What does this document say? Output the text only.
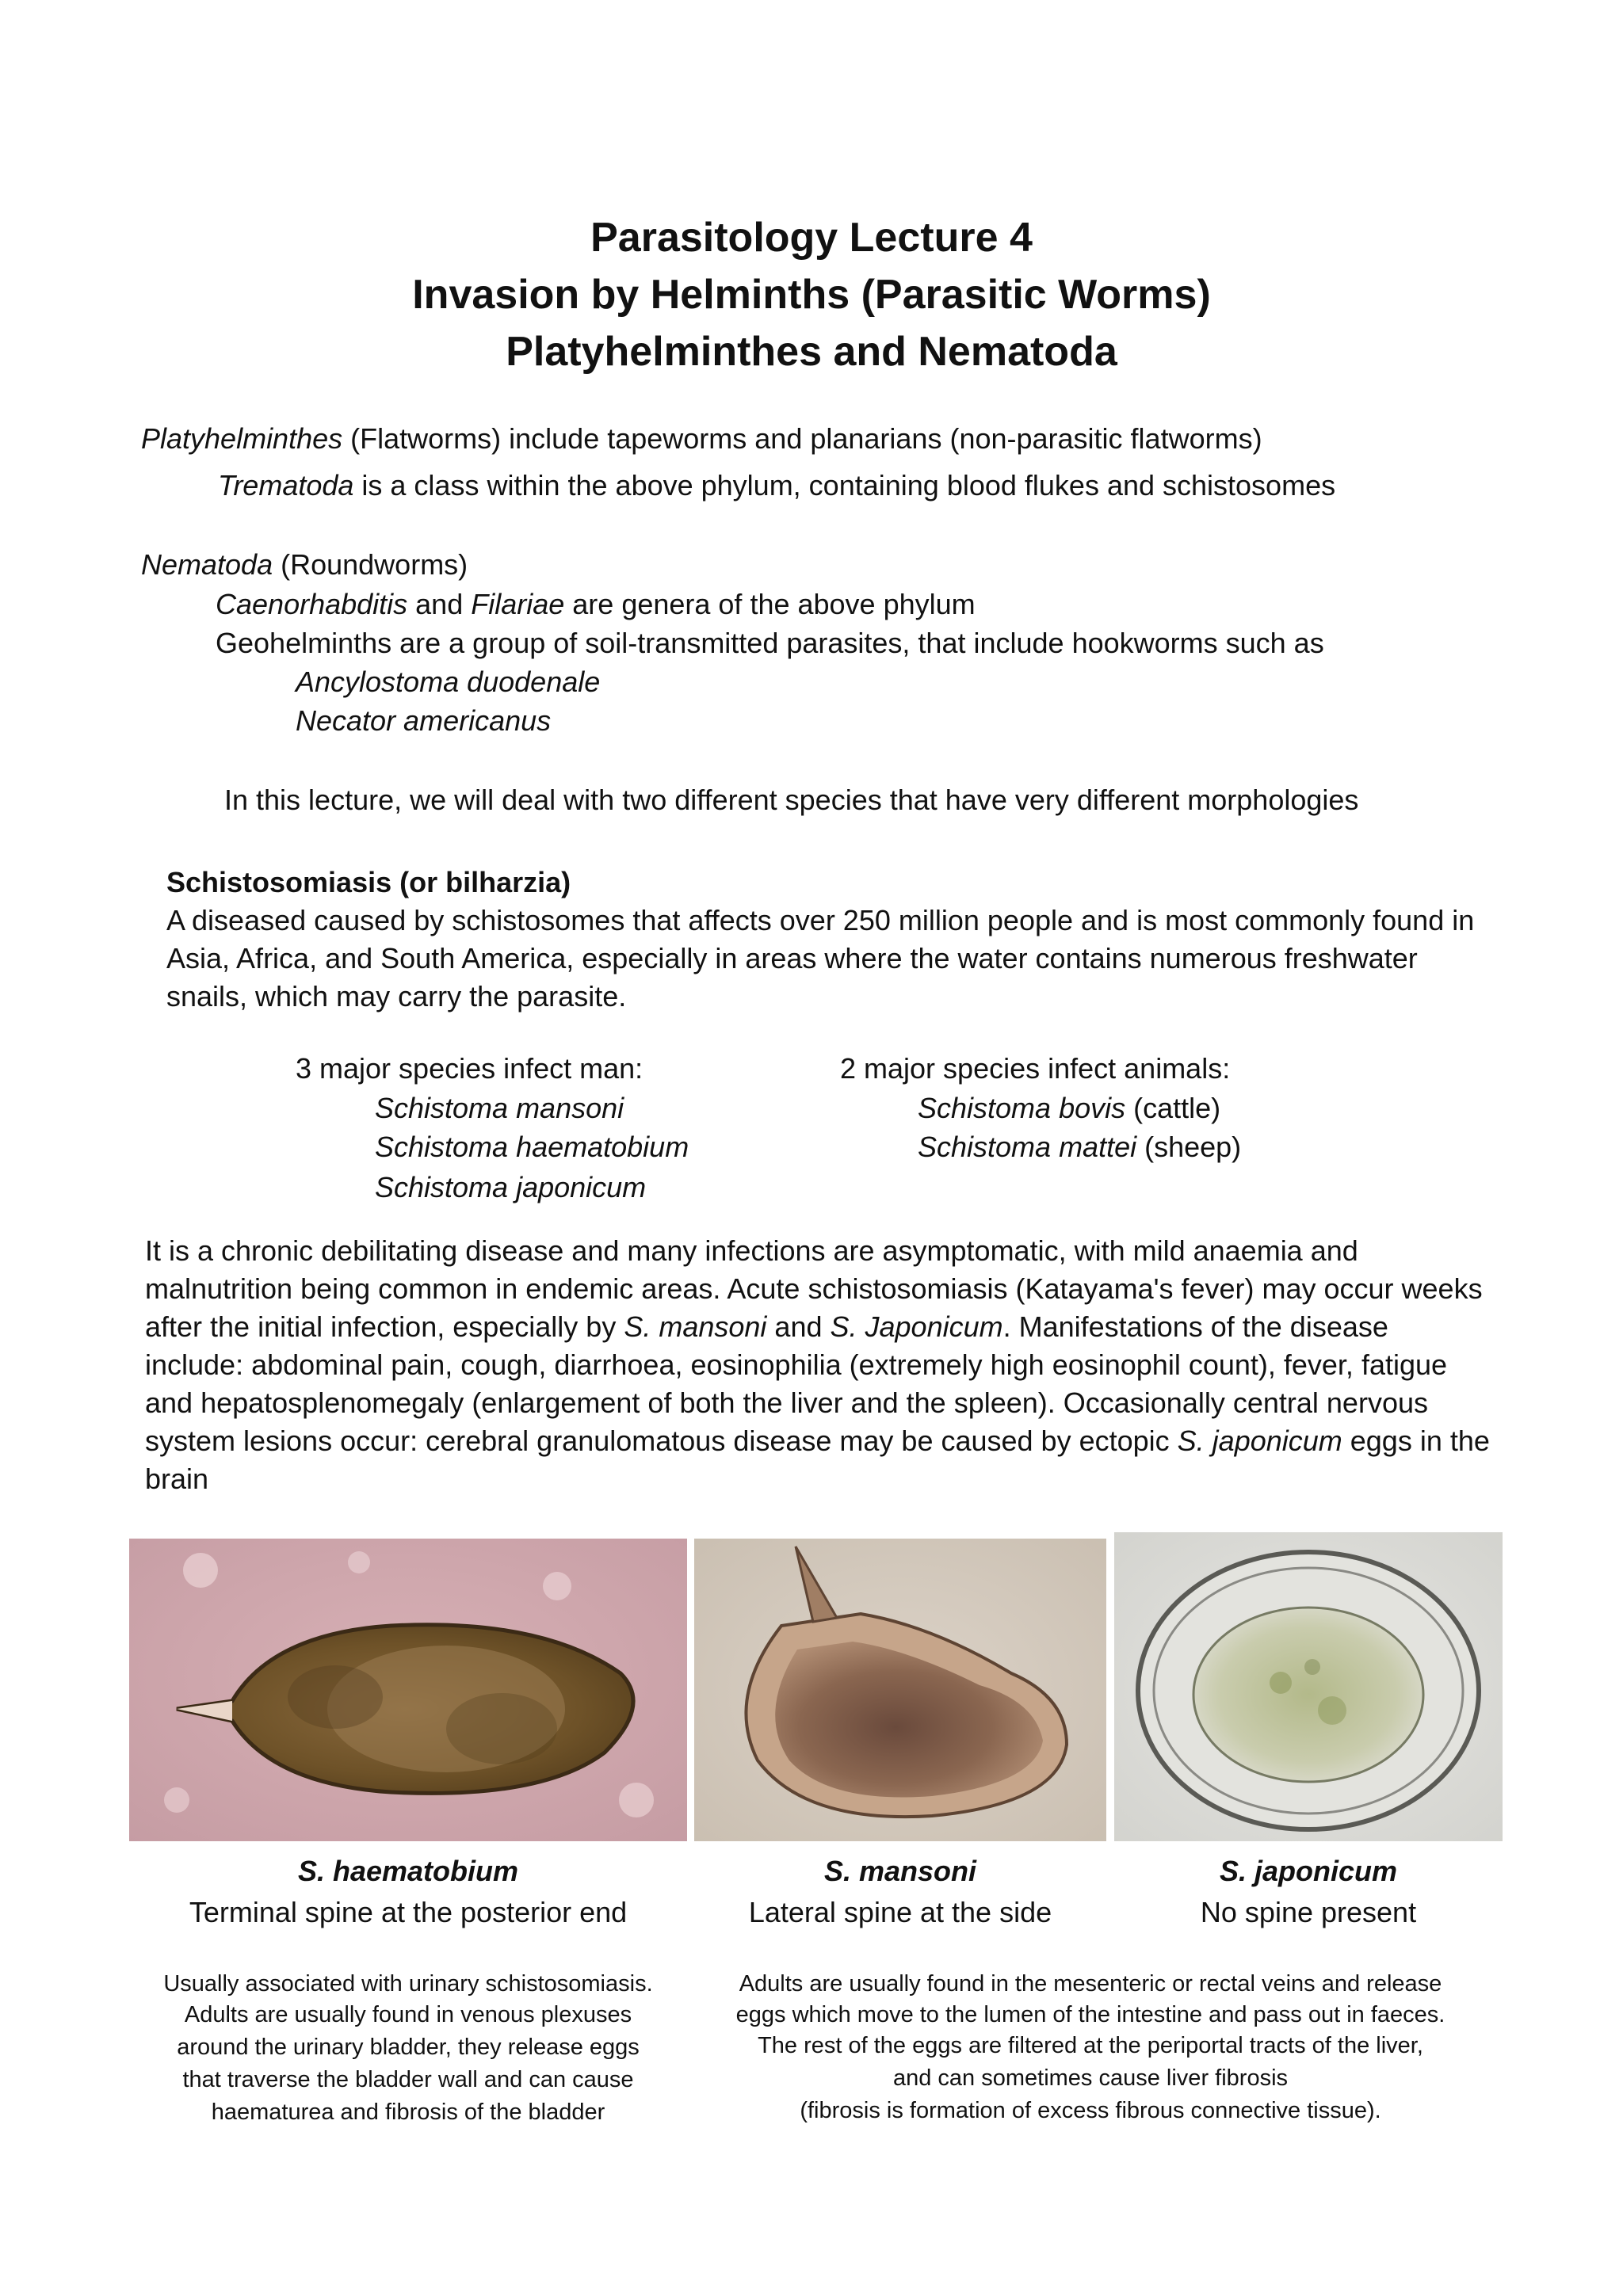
Parasitology Lecture 4
Invasion by Helminths (Parasitic Worms)
Platyhelminthes and Nematoda
Platyhelminthes (Flatworms) include tapeworms and planarians (non-parasitic flatworms)
Trematoda is a class within the above phylum, containing blood flukes and schistosomes
Nematoda (Roundworms)
Caenorhabditis and Filariae are genera of the above phylum
Geohelminths are a group of soil-transmitted parasites, that include hookworms such as
Ancylostoma duodenale
Necator americanus
In this lecture, we will deal with two different species that have very different morphologies
Schistosomiasis (or bilharzia)
A diseased caused by schistosomes that affects over 250 million people and is most commonly found in Asia, Africa, and South America, especially in areas where the water contains numerous freshwater snails, which may carry the parasite.
3 major species infect man:
Schistoma mansoni
Schistoma haematobium
Schistoma japonicum
2 major species infect animals:
Schistoma bovis (cattle)
Schistoma mattei (sheep)
It is a chronic debilitating disease and many infections are asymptomatic, with mild anaemia and malnutrition being common in endemic areas. Acute schistosomiasis (Katayama's fever) may occur weeks after the initial infection, especially by S. mansoni and S. Japonicum. Manifestations of the disease include: abdominal pain, cough, diarrhoea, eosinophilia (extremely high eosinophil count), fever, fatigue and hepatosplenomegaly (enlargement of both the liver and the spleen). Occasionally central nervous system lesions occur: cerebral granulomatous disease may be caused by ectopic S. japonicum eggs in the brain
S. haematobium
Terminal spine at the posterior end
S. mansoni
Lateral spine at the side
S. japonicum
No spine present
Usually associated with urinary schistosomiasis.
Adults are usually found in venous plexuses
around the urinary bladder, they release eggs
that traverse the bladder wall and can cause
haematurea and fibrosis of the bladder
Adults are usually found in the mesenteric or rectal veins and release
eggs which move to the lumen of the intestine and pass out in faeces.
The rest of the eggs are filtered at the periportal tracts of the liver,
and can sometimes cause liver fibrosis
(fibrosis is formation of excess fibrous connective tissue).
